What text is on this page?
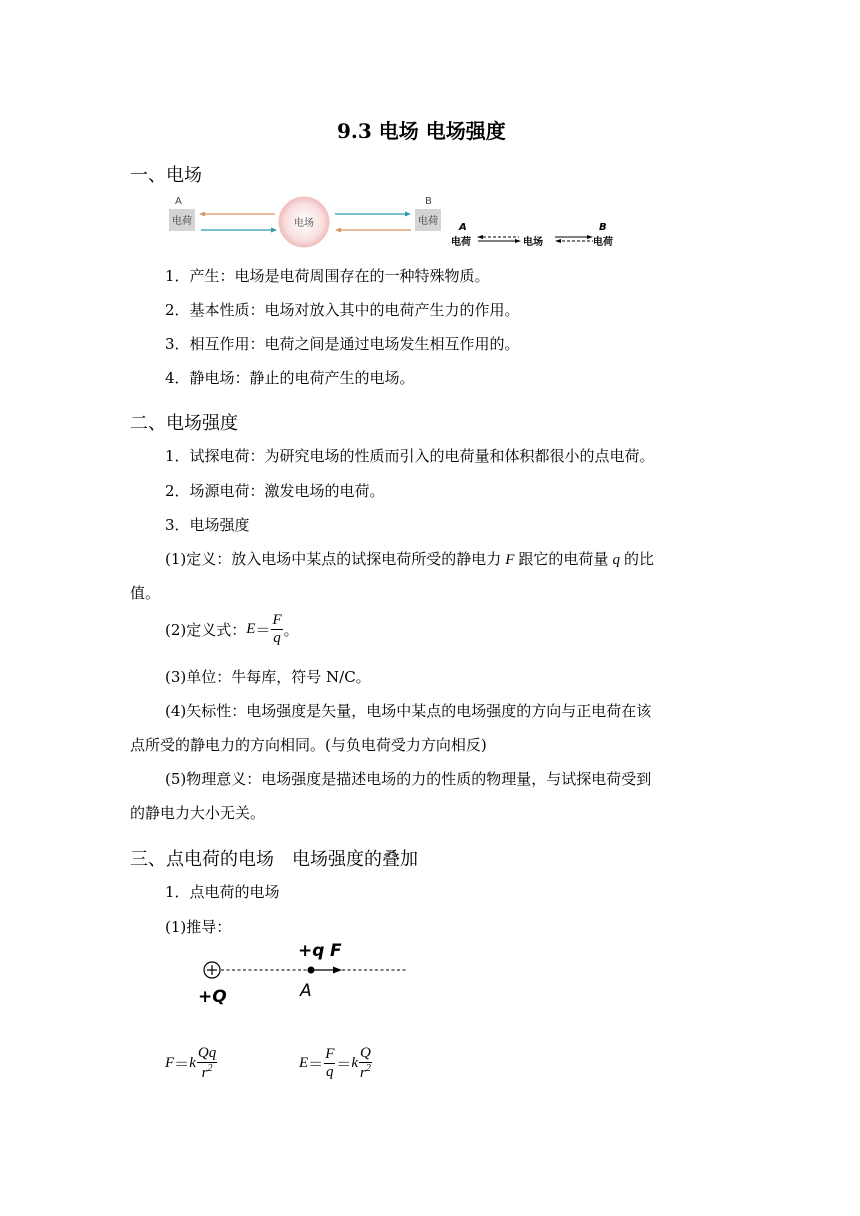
9.3 电场 电场强度
一、电场
A
电荷	电场
B
电荷
A
电荷	电场
B
电荷
1．产生：电场是电荷周围存在的一种特殊物质。
2．基本性质：电场对放入其中的电荷产生力的作用。
3．相互作用：电荷之间是通过电场发生相互作用的。
4．静电场：静止的电荷产生的电场。
二、电场强度
1．试探电荷：为研究电场的性质而引入的电荷量和体积都很小的点电荷。
2．场源电荷：激发电场的电荷。
3．电场强度
(1)定义：放入电场中某点的试探电荷所受的静电力 F 跟它的电荷量 q 的比
值。
(2)定义式：$E= \frac{F}{q}$ 。
(3)单位：牛每库，符号 N/C。
(4)矢标性：电场强度是矢量，电场中某点的电场强度的方向与正电荷在该
点所受的静电力的方向相同。(与负电荷受力方向相反)
(5)物理意义：电场强度是描述电场的力的性质的物理量，与试探电荷受到
的静电力大小无关。
三、点电荷的电场　电场强度的叠加
1．点电荷的电场
(1)推导：
+q F
+Q	A
$F=k \frac{Qq}{r^2}$	$E= \frac{F}{q} =k \frac{Q}{r^2}$
